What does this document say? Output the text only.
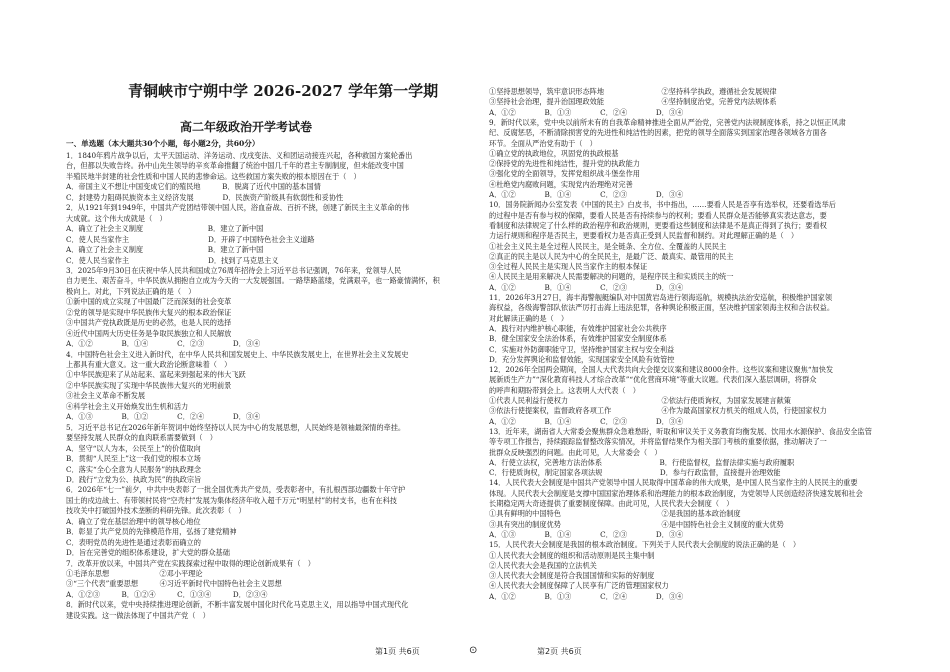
青铜峡市宁朔中学 2026-2027 学年第一学期
高二年级政治开学考试卷
一、单选题（本大题共30个小题，每小题2分，共60分）
1．1840年鸦片战争以后，太平天国运动、洋务运动、戊戌变法、义和团运动接连兴起，各种救国方案轮番出
台，但都以失败告终。孙中山先生领导的辛亥革命推翻了统治中国几千年的君主专制制度，但未能改变中国
半殖民地半封建的社会性质和中国人民的悲惨命运。这些救国方案失败的根本原因在于（　）
A．帝国主义不想让中国变成它们的殖民地　　　B．脱离了近代中国的基本国情
C．封建势力阻碍民族资本主义经济发展　　　　D．民族资产阶级具有软弱性和妥协性
2．从1921年到1949年，中国共产党团结带领中国人民，浴血奋战、百折不挠，创建了新民主主义革命的伟
大成就。这个伟大成就是（　）
A．确立了社会主义制度　　　　　　　　　B．建立了新中国
C．使人民当家作主　　　　　　　　　　　D．开辟了中国特色社会主义道路
A．确立了社会主义制度　　　　　　　　　B．建立了新中国
C．使人民当家作主　　　　　　　　　　　D．找到了马克思主义
3．2025年9月30日在庆祝中华人民共和国成立76周年招待会上习近平总书记强调，76年来，党领导人民
自力更生、艰苦奋斗，中华民族从拥抱自立成为今天的一大发展强国。一路筚路蓝缕，党满艰辛，也一路豪情满怀，积
极向上。对此，下列说法正确的是（　）
①新中国的成立实现了中国最广泛而深刻的社会变革
②党的领导是实现中华民族伟大复兴的根本政治保证
③中国共产党执政既是历史的必然，也是人民的选择
④近代中国两大历史任务是争取民族独立和人民解放
A．①②　　　　B．①④　　　　C．②③　　　　D．③④
4．中国特色社会主义进入新时代，在中华人民共和国发展史上、中华民族发展史上，在世界社会主义发展史
上都具有重大意义。这一重大政治论断意味着（　）
①中华民族迎来了从站起来、富起来到强起来的伟大飞跃
②中华民族实现了实现中华民族伟大复兴的光明前景
③社会主义革命不断发展
④科学社会主义开始焕发出生机和活力
A．①③　　　　B．①②　　　　C．②④　　　　D．③④
5．习近平总书记在2026年新年贺词中始终坚持以人民为中心的发展思想，人民始终是领袖最深情的牵挂。
要坚持发展人民群众的血肉联系需要做到（　）
A．坚守“以人为本，公民至上”的价值取向
B．贯彻“人民至上”这一我们党的根本立场
C．落实“全心全意为人民服务”的执政理念
D．践行“立党为公、执政为民”的执政宗旨
6．2026年“七一”前夕，中共中央表彰了一批全国优秀共产党员，受表彰者中，有扎根西部边疆数十年守护
国土的戍边战士、有带领村民将“空壳村”发展为集体经济年收入超千万元“明星村”的村支书，也有在科技
技攻关中打破国外技术垄断的科研先锋。此次表彰（　）
A．确立了党在基层治理中的领导核心地位
B．彰显了共产党员的先锋模范作用，弘扬了建党精神
C．表明党员的先进性是通过表彰而确立的
D．旨在完善党的组织体系建设，扩大党的群众基础
7．改革开放以来，中国共产党在实践探索过程中取得的理论创新成果有（　）
①毛泽东思想　　　　　　　②邓小平理论
③“三个代表”重要思想　　　④习近平新时代中国特色社会主义思想
A．①②③　　　B．①②④　　　C．①③④　　　D．②③④
8．新时代以来，党中央持续推进理论创新，不断丰富发展中国化时代化马克思主义，用以指导中国式现代化
建设实践。这一做法体现了中国共产党（　）
第1页 共6页	⊙
①坚持思想领导，筑牢意识形态阵地　　　　　　　　②坚持科学执政，遵循社会发展规律
③坚持社会治理，提升治国理政效能　　　　　　　　④坚持制度治党，完善党内法规体系
A．①②　　　　B．①③　　　　C．②④　　　　D．③④
9．新时代以来，党中央以前所未有的自我革命精神推进全面从严治党，完善党内法规制度体系，持之以恒正风肃
纪、反腐惩恶，不断清除损害党的先进性和纯洁性的因素，把党的领导全面落实到国家治理各领域各方面各
环节。全面从严治党有助于（　）
①确立党的执政地位，巩固党的执政根基
②保持党的先进性和纯洁性，提升党的执政能力
③强化党的全面领导，发挥党组织战斗堡垒作用
④杜绝党内腐败问题，实现党内治理绝对完善
A．①②　　　　B．①④　　　　C．②③　　　　D．③④
10．国务院新闻办公室发表《中国的民主》白皮书，书中指出，……要看人民是否享有选举权，还要看选举后
的过程中是否有参与权的保障，要看人民是否有持续参与的权利；要看人民群众是否能够真实表达意志，要
看制度和法律规定了什么样的政治程序和政治规则，更要看这些制度和法律是不是真正得到了执行；要看权
力运行规则和程序是否民主，更要看权力是否真正受到人民监督和制约。对此理解正确的是（　）
①社会主义民主是全过程人民民主，是全链条、全方位、全覆盖的人民民主
②真正的民主是以人民为中心的全民民主，是最广泛、最真实、最管用的民主
③全过程人民民主是实现人民当家作主的根本保证
④人民民主是用来解决人民需要解决的问题的，是程序民主和实质民主的统一
A．①②　　　　B．①④　　　　C．②③　　　　D．③④
11．2026年3月27日，海丰海警舰艇编队对中国黄岩岛进行领海巡航，规模执法治安巡航，积极维护国家领
海权益，各级海警部队依法严厉打击海上违法犯罪，各种舆论积极正面，坚决维护国家领海主权和合法权益。
对此解读正确的是（　）
A．践行对内维护核心职能，有效维护国家社会公共秩序
B．健全国家安全法治体系，有效维护国家安全制度体系
C．实施对外防御职能守卫，坚持维护国家主权与安全利益
D．充分发挥舆论和监督效能，实现国家安全风险有效管控
12．2026年全国两会期间，全国人大代表共向大会提交议案和建议8000余件。这些议案和建议聚焦“加快发
展新质生产力”“深化教育科技人才综合改革”“优化营商环境”等重大议题。代表们深入基层调研，将群众
的呼声和期盼带到会上。这表明人大代表（　）
①代表人民利益行使权力　　　　　　　　　　　　　②依法行使质询权，为国家发展建言献策
③依法行使提案权，监督政府各项工作　　　　　　　④作为最高国家权力机关的组成人员，行使国家权力
A．①②　　　　B．①④　　　　C．②③　　　　D．③④
13．近年来，湖南省人大常委会聚焦群众急难愁盼，听取和审议关于义务教育均衡发展、饮用水水源保护、食品安全监管
等专项工作报告，持续跟踪监督整改落实情况，并将监督结果作为相关部门考核的重要依据，推动解决了一
批群众反映强烈的问题。由此可见，人大常委会（　）
A．行使立法权，完善地方法治体系　　　　　　　　B．行使监督权，监督法律实施与政府履职
C．行使质询权，制定国家各项法规　　　　　　　　D．参与行政监督，直接提升治理效能
14．人民代表大会制度是中国共产党领导中国人民取得中国革命的伟大成果，是中国人民当家作主的人民民主的重要
体现。人民代表大会制度是支撑中国国家治理体系和治理能力的根本政治制度，为党领导人民创造经济快速发展和社会
长期稳定两大奇迹提供了重要制度保障。由此可见，人民代表大会制度（　）
①具有鲜明的中国特色　　　　　　　　　　　　　　②是我国的基本政治制度
③具有突出的制度优势　　　　　　　　　　　　　　④是中国特色社会主义制度的重大优势
A．①③　　　　B．①④　　　　C．②③　　　　D．③④
15．人民代表大会制度是我国的根本政治制度。下列关于人民代表大会制度的说法正确的是（　）
①人民代表大会制度的组织和活动原则是民主集中制
②人民代表大会是我国的立法机关
③人民代表大会制度是符合我国国情和实际的好制度
④人民代表大会制度保障了人民享有广泛的管理国家权力
A．①②　　　　B．①③　　　　C．②④　　　　D．③④
第2页 共6页
